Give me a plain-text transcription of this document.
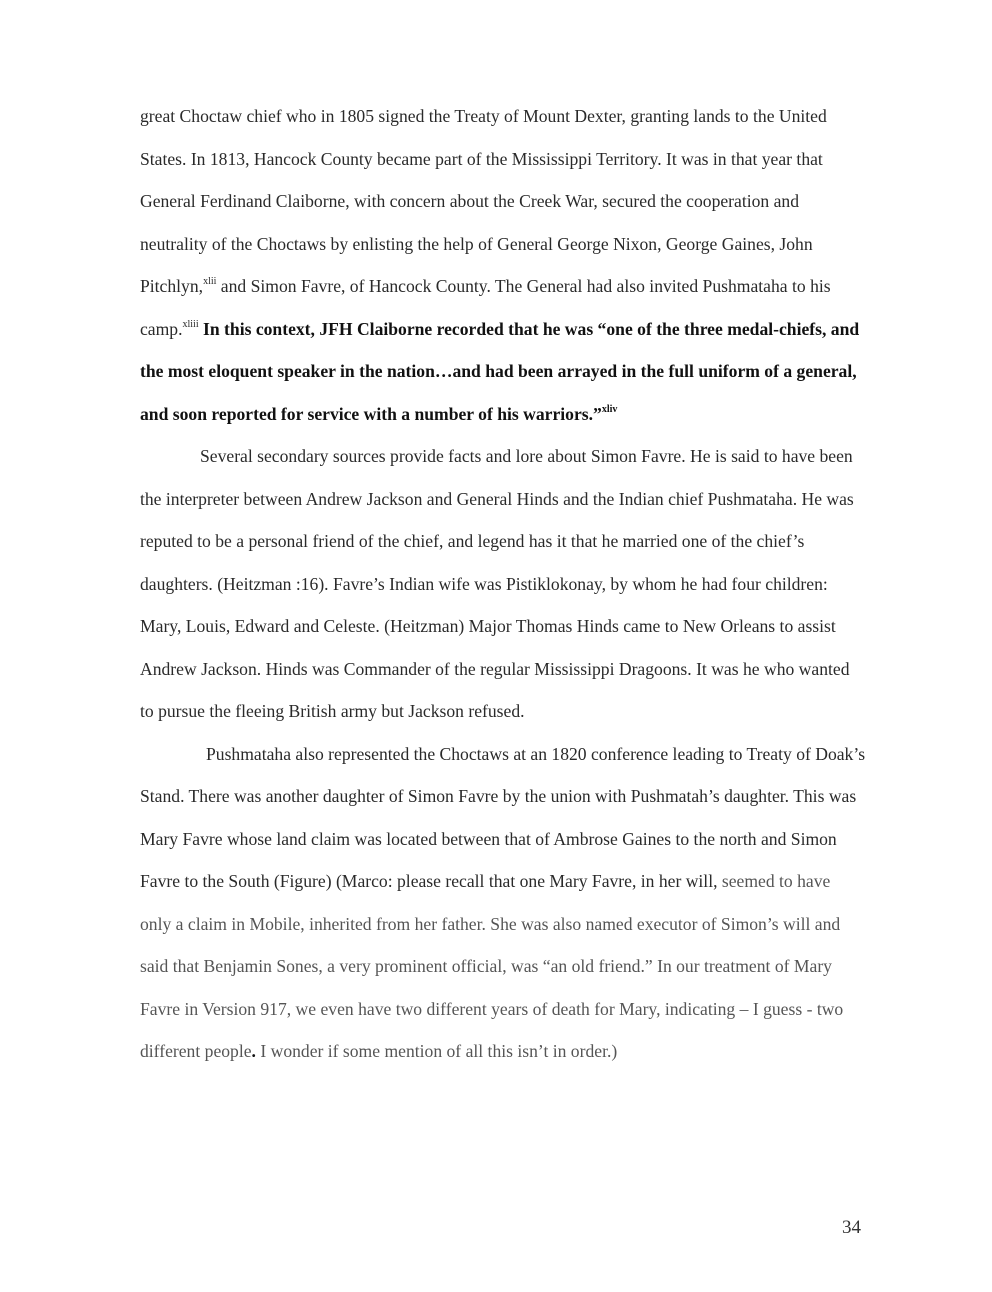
great Choctaw chief who in 1805 signed the Treaty of Mount Dexter, granting lands to the United States. In 1813, Hancock County became part of the Mississippi Territory. It was in that year that General Ferdinand Claiborne, with concern about the Creek War, secured the cooperation and neutrality of the Choctaws by enlisting the help of General George Nixon, George Gaines, John Pitchlyn,$^{xlii}$ and Simon Favre, of Hancock County. The General had also invited Pushmataha to his camp.$^{xliii}$ In this context, JFH Claiborne recorded that he was “one of the three medal-chiefs, and the most eloquent speaker in the nation…and had been arrayed in the full uniform of a general, and soon reported for service with a number of his warriors.”$^{xliv}$

Several secondary sources provide facts and lore about Simon Favre. He is said to have been the interpreter between Andrew Jackson and General Hinds and the Indian chief Pushmataha. He was reputed to be a personal friend of the chief, and legend has it that he married one of the chief’s daughters. (Heitzman :16). Favre’s Indian wife was Pistiklokonay, by whom he had four children: Mary, Louis, Edward and Celeste. (Heitzman) Major Thomas Hinds came to New Orleans to assist Andrew Jackson. Hinds was Commander of the regular Mississippi Dragoons. It was he who wanted to pursue the fleeing British army but Jackson refused.

Pushmataha also represented the Choctaws at an 1820 conference leading to Treaty of Doak’s Stand. There was another daughter of Simon Favre by the union with Pushmatah’s daughter. This was Mary Favre whose land claim was located between that of Ambrose Gaines to the north and Simon Favre to the South (Figure) (Marco: please recall that one Mary Favre, in her will, seemed to have only a claim in Mobile, inherited from her father. She was also named executor of Simon’s will and said that Benjamin Sones, a very prominent official, was “an old friend.” In our treatment of Mary Favre in Version 917, we even have two different years of death for Mary, indicating – I guess - two different people. I wonder if some mention of all this isn’t in order.)

34
